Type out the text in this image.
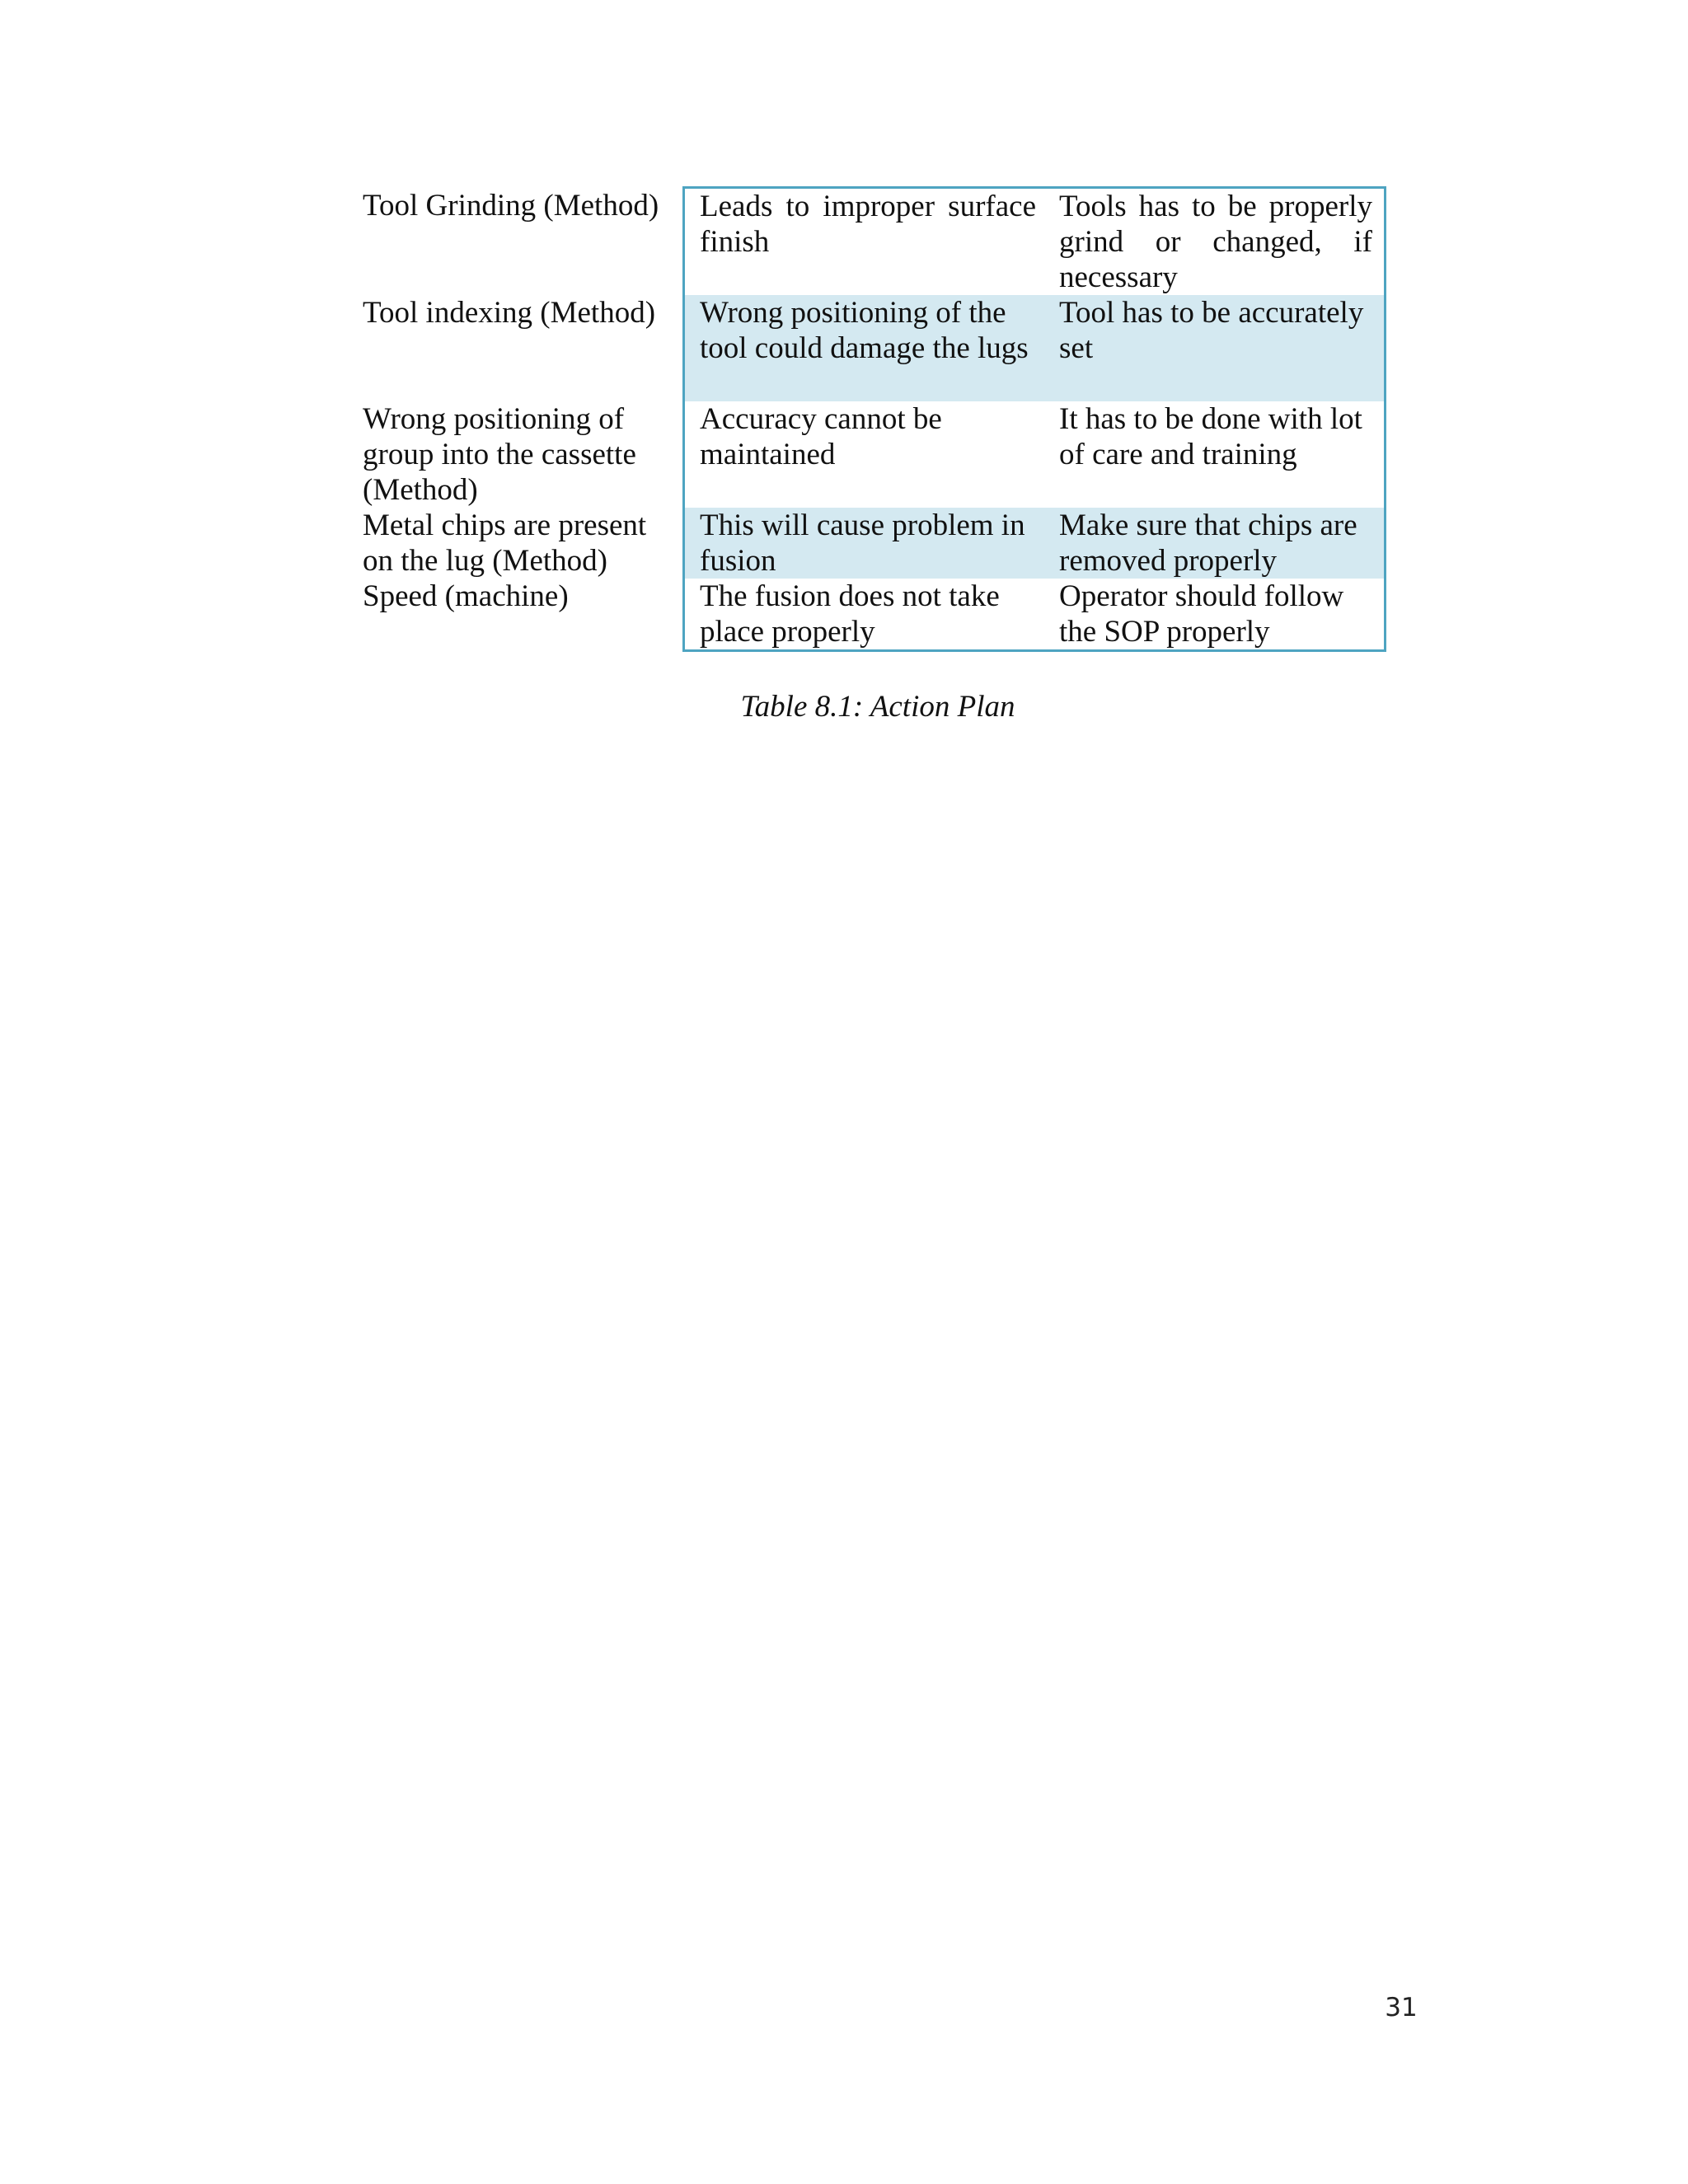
Tool Grinding (Method)	Leads to improper surface finish	Tools has to be properly grind or changed, if necessary
Tool indexing (Method)	Wrong positioning of the tool could damage the lugs	Tool has to be accurately set
Wrong positioning of group into the cassette (Method)	Accuracy cannot be maintained	It has to be done with lot of care and training
Metal chips are present on the lug (Method)	This will cause problem in fusion	Make sure that chips are removed properly
Speed (machine)	The fusion does not take place properly	Operator should follow the SOP properly
Table 8.1: Action Plan
31
